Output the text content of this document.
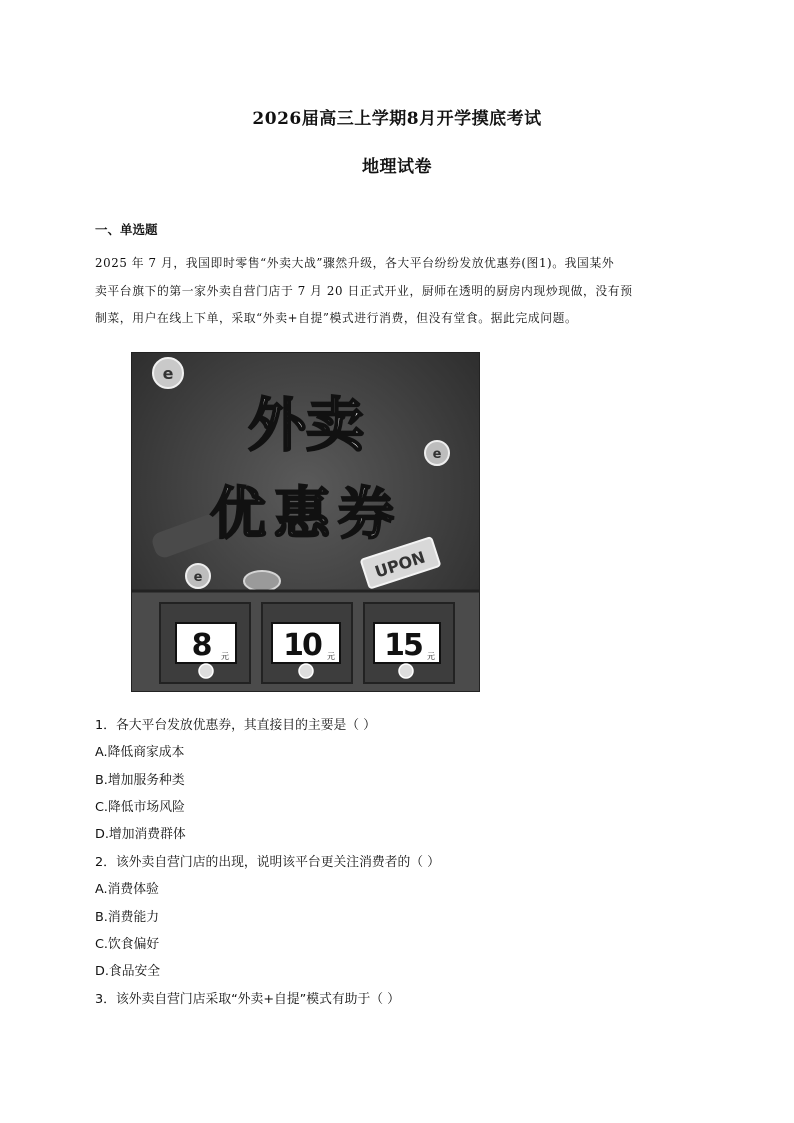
2026届高三上学期8月开学摸底考试
地理试卷
一、单选题
2025 年 7 月，我国即时零售“外卖大战”骤然升级，各大平台纷纷发放优惠券(图1)。我国某外
卖平台旗下的第一家外卖自营门店于 7 月 20 日正式开业，厨师在透明的厨房内现炒现做，没有预
制菜，用户在线上下单，采取“外卖+自提”模式进行消费，但没有堂食。据此完成问题。
e
e
e	UPON
外卖
优惠券
8 元 10 元 15 元
1．各大平台发放优惠券，其直接目的主要是（ ）
A.降低商家成本
B.增加服务种类
C.降低市场风险
D.增加消费群体
2．该外卖自营门店的出现，说明该平台更关注消费者的（ ）
A.消费体验
B.消费能力
C.饮食偏好
D.食品安全
3．该外卖自营门店采取“外卖+自提”模式有助于（ ）
